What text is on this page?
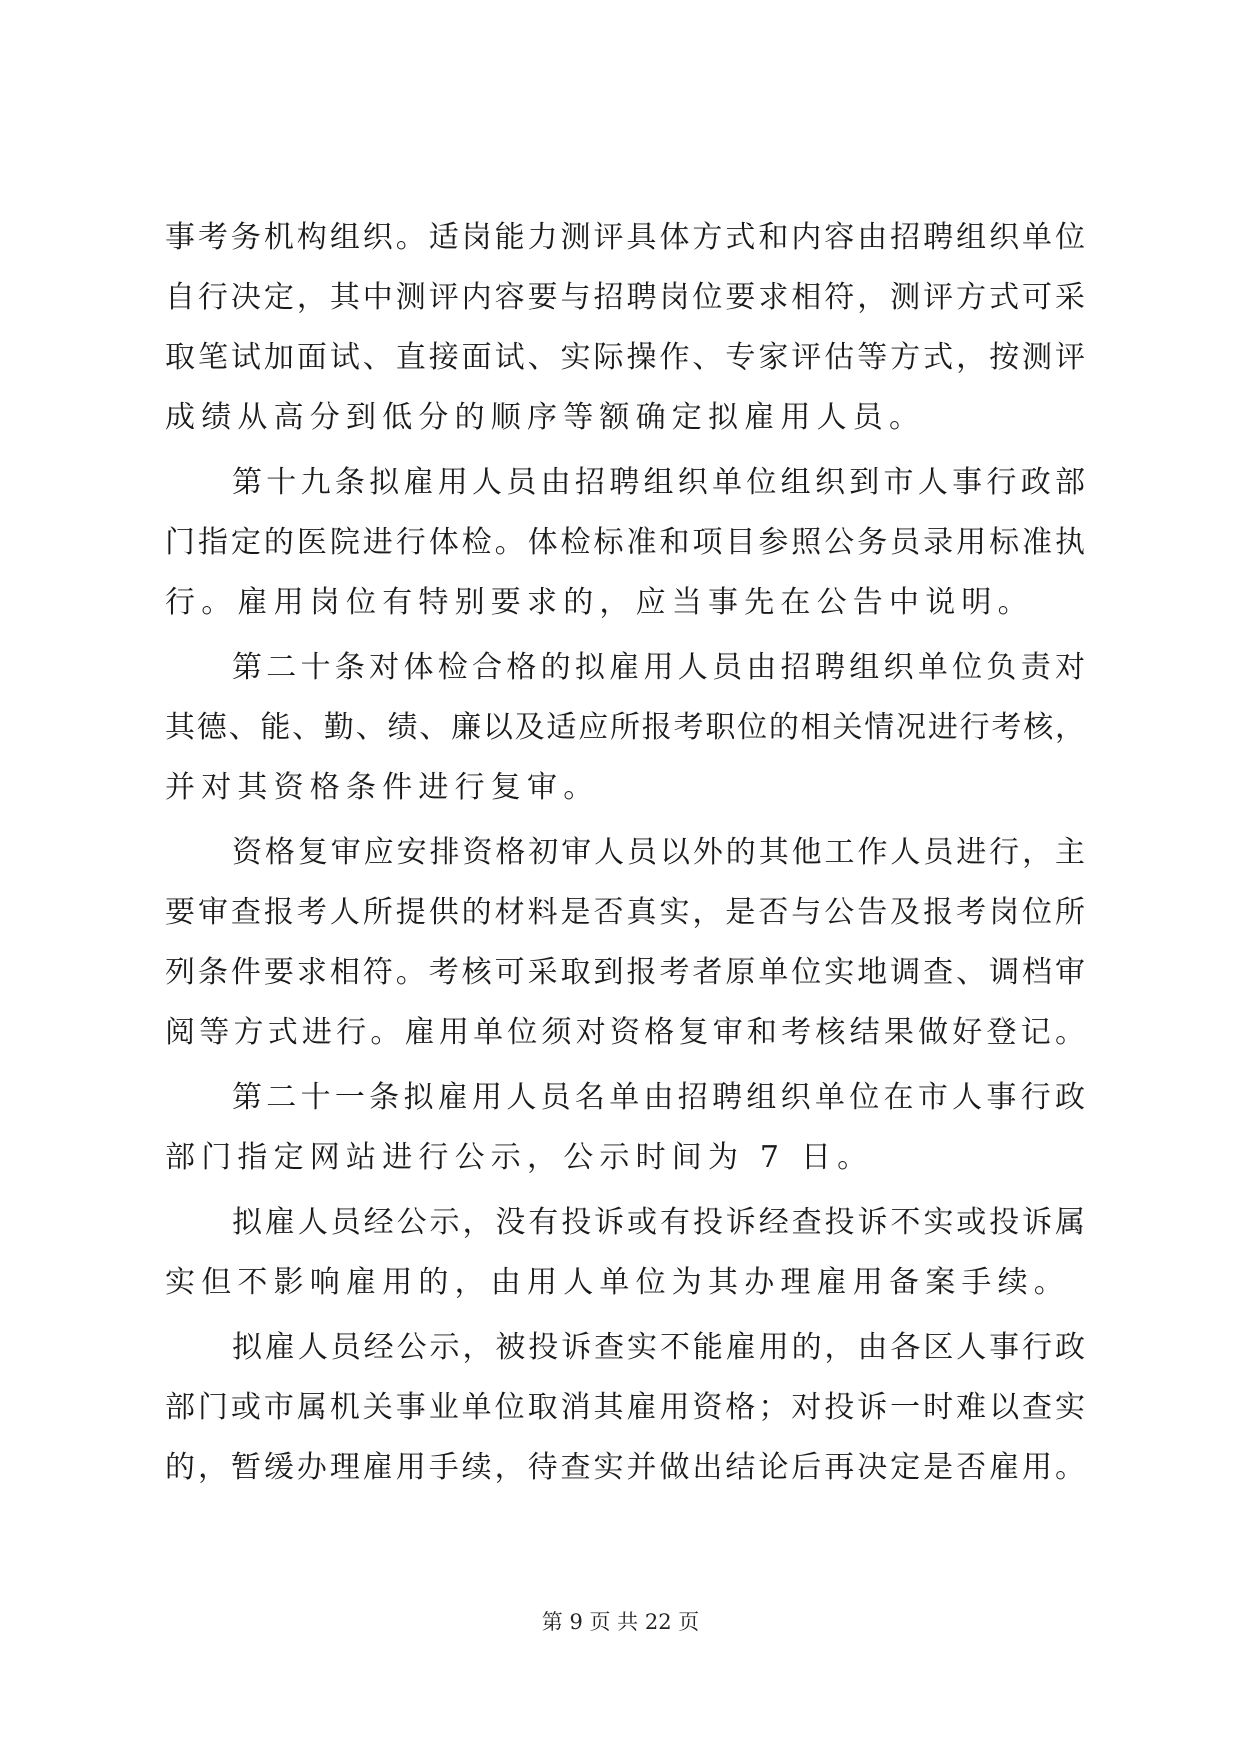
事考务机构组织。适岗能力测评具体方式和内容由招聘组织单位
自行决定，其中测评内容要与招聘岗位要求相符，测评方式可采
取笔试加面试、直接面试、实际操作、专家评估等方式，按测评
成绩从高分到低分的顺序等额确定拟雇用人员。
第十九条拟雇用人员由招聘组织单位组织到市人事行政部
门指定的医院进行体检。体检标准和项目参照公务员录用标准执
行。雇用岗位有特别要求的，应当事先在公告中说明。
第二十条对体检合格的拟雇用人员由招聘组织单位负责对
其德、能、勤、绩、廉以及适应所报考职位的相关情况进行考核，
并对其资格条件进行复审。
资格复审应安排资格初审人员以外的其他工作人员进行，主
要审查报考人所提供的材料是否真实，是否与公告及报考岗位所
列条件要求相符。考核可采取到报考者原单位实地调查、调档审
阅等方式进行。雇用单位须对资格复审和考核结果做好登记。
第二十一条拟雇用人员名单由招聘组织单位在市人事行政
部门指定网站进行公示，公示时间为 7 日。
拟雇人员经公示，没有投诉或有投诉经查投诉不实或投诉属
实但不影响雇用的，由用人单位为其办理雇用备案手续。
拟雇人员经公示，被投诉查实不能雇用的，由各区人事行政
部门或市属机关事业单位取消其雇用资格；对投诉一时难以查实
的，暂缓办理雇用手续，待查实并做出结论后再决定是否雇用。
第 9 页 共 22 页
